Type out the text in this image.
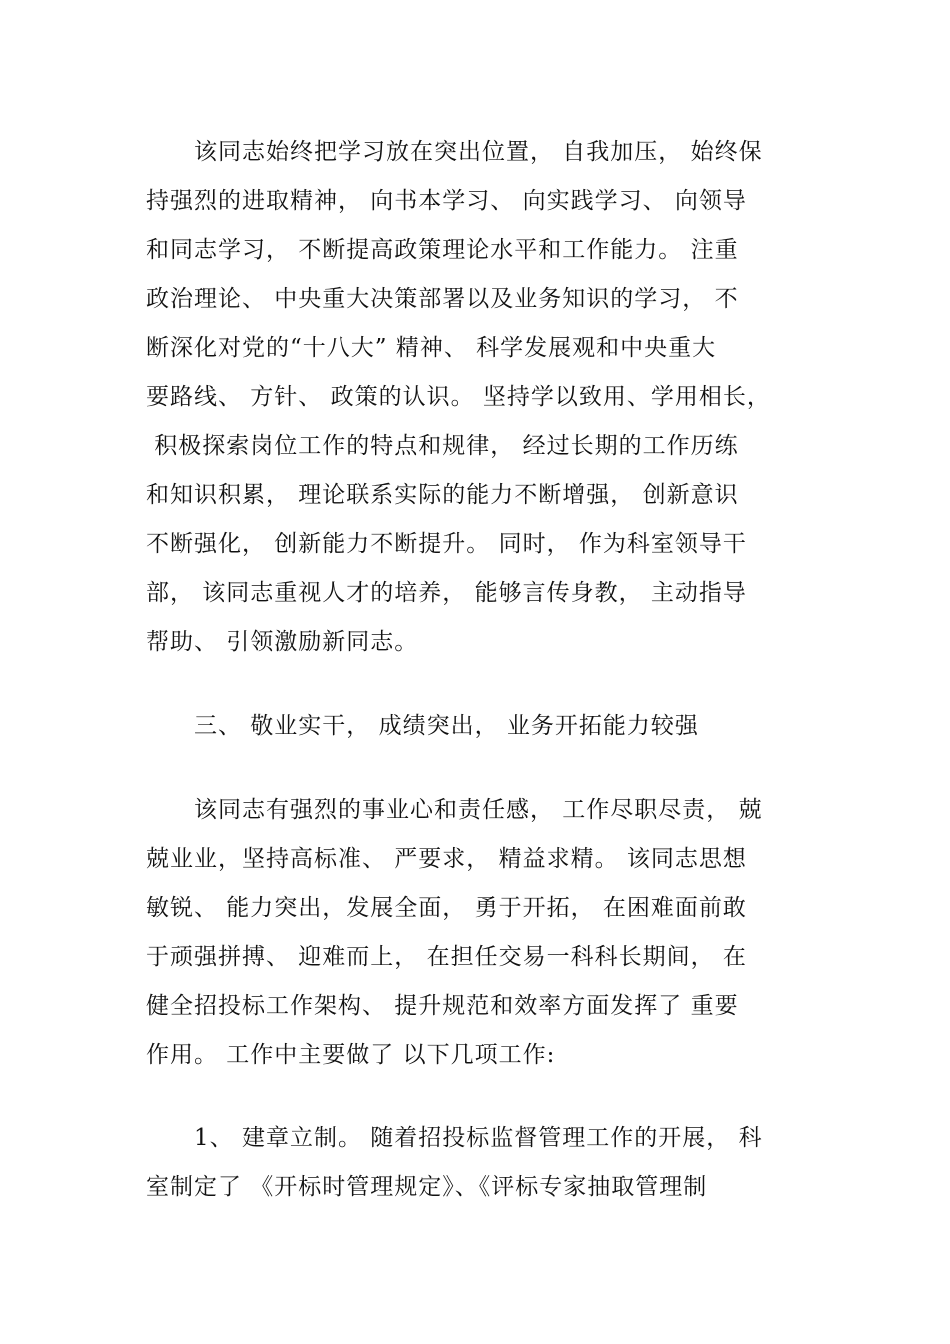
　　该同志始终把学习放在突出位置， 自我加压， 始终保
持强烈的进取精神， 向书本学习、 向实践学习、 向领导
和同志学习， 不断提高政策理论水平和工作能力。 注重
政治理论、 中央重大决策部署以及业务知识的学习， 不
断深化对党的“十八大” 精神、 科学发展观和中央重大
要路线、 方针、 政策的认识。 坚持学以致用、学用相长，
积极探索岗位工作的特点和规律， 经过长期的工作历练
和知识积累， 理论联系实际的能力不断增强， 创新意识
不断强化， 创新能力不断提升。 同时， 作为科室领导干
部， 该同志重视人才的培养， 能够言传身教， 主动指导
帮助、 引领激励新同志。
　　三、 敬业实干， 成绩突出， 业务开拓能力较强
　　该同志有强烈的事业心和责任感， 工作尽职尽责， 兢
兢业业，坚持高标准、 严要求， 精益求精。 该同志思想
敏锐、 能力突出，发展全面， 勇于开拓， 在困难面前敢
于顽强拼搏、 迎难而上， 在担任交易一科科长期间， 在
健全招投标工作架构、 提升规范和效率方面发挥了 重要
作用。 工作中主要做了 以下几项工作:
　　1、 建章立制。 随着招投标监督管理工作的开展， 科
室制定了 《开标时管理规定》、《评标专家抽取管理制
